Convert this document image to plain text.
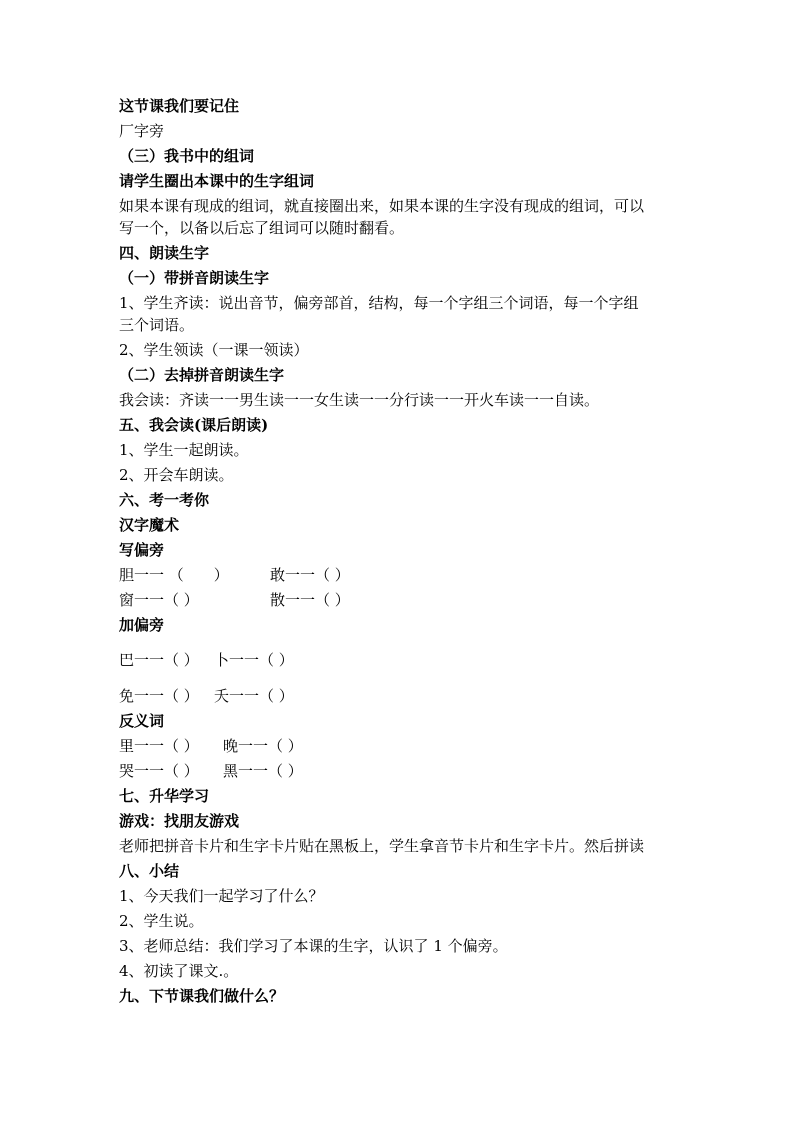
这节课我们要记住
厂字旁
（三）我书中的组词
请学生圈出本课中的生字组词
如果本课有现成的组词，就直接圈出来，如果本课的生字没有现成的组词，可以
写一个，以备以后忘了组词可以随时翻看。
四、朗读生字
（一）带拼音朗读生字
1、学生齐读：说出音节，偏旁部首，结构，每一个字组三个词语，每一个字组
三个词语。
2、学生领读（一课一领读）
（二）去掉拼音朗读生字
我会读：齐读一一男生读一一女生读一一分行读一一开火车读一一自读。
五、我会读(课后朗读)
1、学生一起朗读。
2、开会车朗读。
六、考一考你
汉字魔术
写偏旁
胆一一 （　　）	敢一一（ ）
窗一一（ ）	散一一（ ）
加偏旁
巴一一（ ） 卜一一（ ）
免一一（ ） 夭一一（ ）
反义词
里一一（ ） 晚一一（ ）
哭一一（ ） 黑一一（ ）
七、升华学习
游戏：找朋友游戏
老师把拼音卡片和生字卡片贴在黑板上，学生拿音节卡片和生字卡片。然后拼读
八、小结
1、今天我们一起学习了什么？
2、学生说。
3、老师总结：我们学习了本课的生字，认识了 1 个偏旁。
4、初读了课文.。
九、下节课我们做什么？
